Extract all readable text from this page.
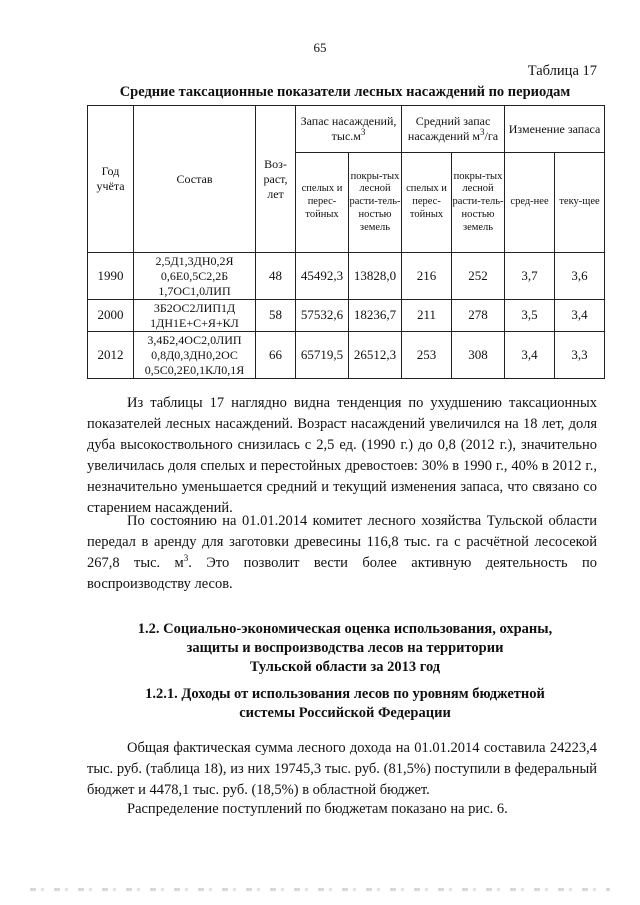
65
Таблица 17
Средние таксационные показатели лесных насаждений по периодам
Год учёта	Состав	Воз-раст, лет	Запас насаждений, $тыс.м^3$		Средний запас насаждений $м^3/га$		Изменение запаса	
			спелых и перес-тойных	покры-тых лесной расти-тель-ностью земель	спелых и перес-тойных	покры-тых лесной расти-тель-ностью земель	сред-нее	теку-щее
1990	2,5Д1,3ДН0,2Я 0,6Е0,5С2,2Б 1,7ОС1,0ЛИП	48	45492,3	13828,0	216	252	3,7	3,6
2000	3Б2ОС2ЛИП1Д 1ДН1Е+С+Я+КЛ	58	57532,6	18236,7	211	278	3,5	3,4
2012	3,4Б2,4ОС2,0ЛИП 0,8Д0,3ДН0,2ОС 0,5С0,2Е0,1КЛ0,1Я	66	65719,5	26512,3	253	308	3,4	3,3

Из таблицы 17 наглядно видна тенденция по ухудшению таксационных показателей лесных насаждений. Возраст насаждений увеличился на 18 лет, доля дуба высокоствольного снизилась с 2,5 ед. (1990 г.) до 0,8 (2012 г.), значительно увеличилась доля спелых и перестойных древостоев: 30% в 1990 г., 40% в 2012 г., незначительно уменьшается средний и текущий изменения запаса, что связано со старением насаждений.

По состоянию на 01.01.2014 комитет лесного хозяйства Тульской области передал в аренду для заготовки древесины 116,8 тыс. га с расчётной лесосекой 267,8 тыс. $м^3$. Это позволит вести более активную деятельность по воспроизводству лесов.

1.2. Социально-экономическая оценка использования, охраны,
защиты и воспроизводства лесов на территории
Тульской области за 2013 год
1.2.1. Доходы от использования лесов по уровням бюджетной
системы Российской Федерации

Общая фактическая сумма лесного дохода на 01.01.2014 составила 24223,4 тыс. руб. (таблица 18), из них 19745,3 тыс. руб. (81,5%) поступили в федеральный бюджет и 4478,1 тыс. руб. (18,5%) в областной бюджет.

Распределение поступлений по бюджетам показано на рис. 6.
